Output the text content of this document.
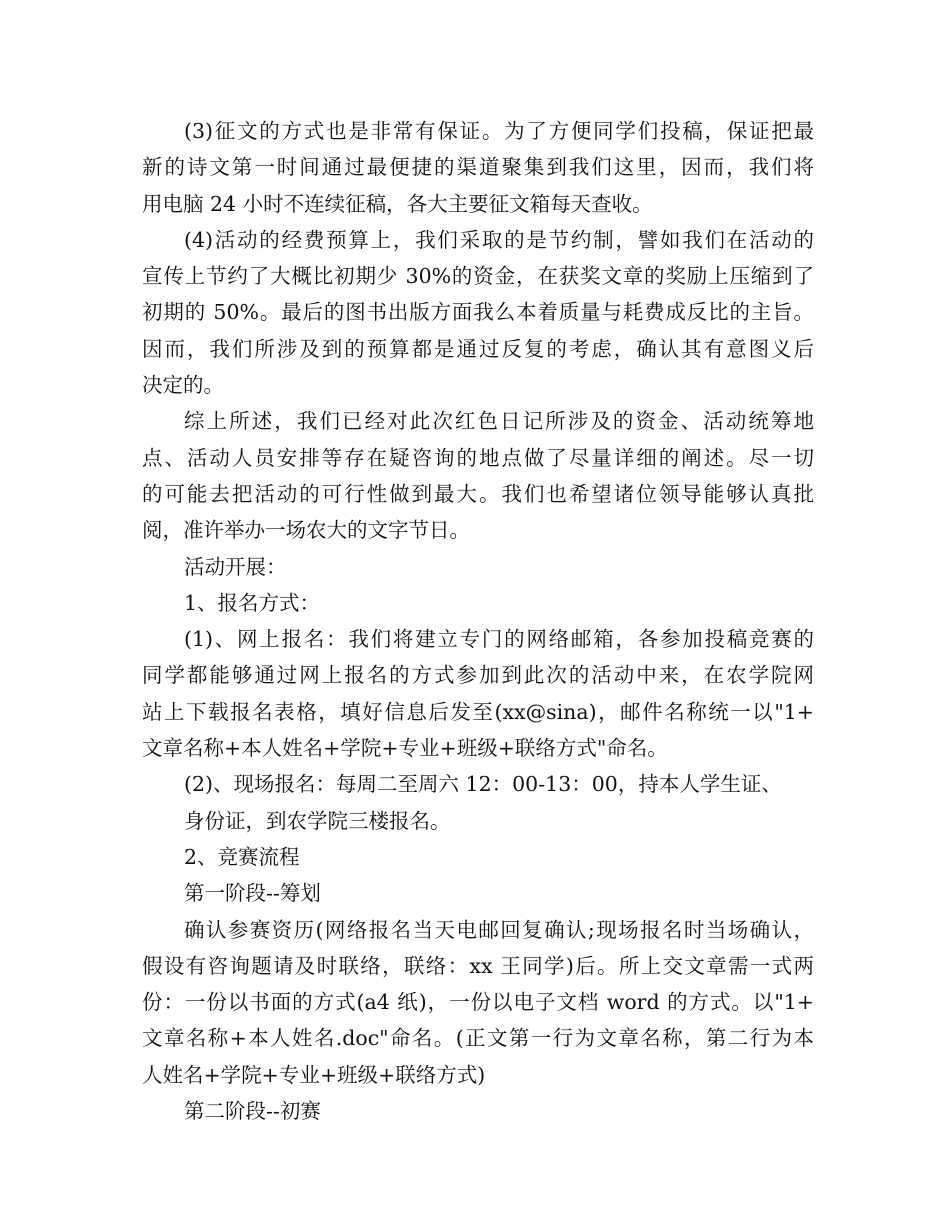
(3)征文的方式也是非常有保证。为了方便同学们投稿，保证把最
新的诗文第一时间通过最便捷的渠道聚集到我们这里，因而，我们将
用电脑 24 小时不连续征稿，各大主要征文箱每天查收。
(4)活动的经费预算上，我们采取的是节约制，譬如我们在活动的
宣传上节约了大概比初期少 30%的资金，在获奖文章的奖励上压缩到了
初期的 50%。最后的图书出版方面我么本着质量与耗费成反比的主旨。
因而，我们所涉及到的预算都是通过反复的考虑，确认其有意图义后
决定的。
综上所述，我们已经对此次红色日记所涉及的资金、活动统筹地
点、活动人员安排等存在疑咨询的地点做了尽量详细的阐述。尽一切
的可能去把活动的可行性做到最大。我们也希望诸位领导能够认真批
阅，准许举办一场农大的文字节日。
活动开展：
1、报名方式：
(1)、网上报名：我们将建立专门的网络邮箱，各参加投稿竞赛的
同学都能够通过网上报名的方式参加到此次的活动中来，在农学院网
站上下载报名表格，填好信息后发至(xx@sina)，邮件名称统一以"1+
文章名称+本人姓名+学院+专业+班级+联络方式"命名。
(2)、现场报名：每周二至周六 12：00-13：00，持本人学生证、
身份证，到农学院三楼报名。
2、竞赛流程
第一阶段--筹划
确认参赛资历(网络报名当天电邮回复确认;现场报名时当场确认，
假设有咨询题请及时联络，联络：xx 王同学)后。所上交文章需一式两
份：一份以书面的方式(a4 纸)，一份以电子文档 word 的方式。以"1+
文章名称+本人姓名.doc"命名。(正文第一行为文章名称，第二行为本
人姓名+学院+专业+班级+联络方式)
第二阶段--初赛
